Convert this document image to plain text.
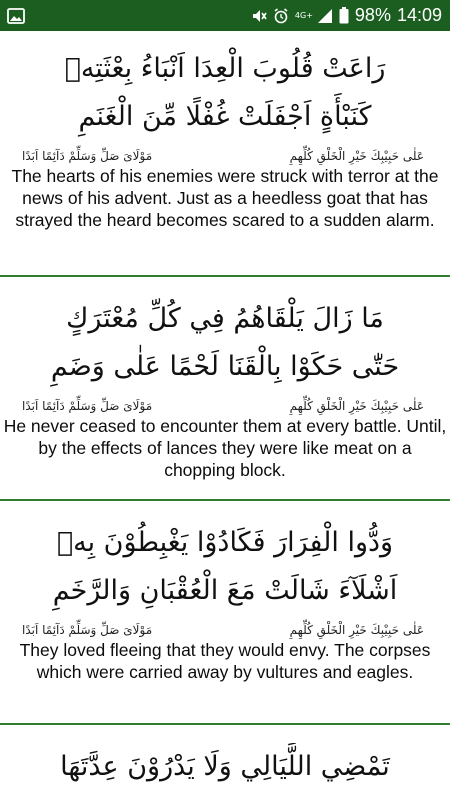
4G+ 98% 14:09
رَاعَتْ قُلُوبَ الْعِدَا اَنْبَاءُ بِعْثَتِهٖ
كَنَبْأَةٍ اَجْفَلَتْ غُفْلًا مِّنَ الْغَنَمِ
مَوْلَایَ صَلِّ وَسَلِّمْ دَآئِمًا اَبَدًا	عَلٰی حَبِیْبِكَ خَیْرِ الْخَلْقِ كُلِّهِمِ
The hearts of his enemies were struck with terror at the news of his advent. Just as a heedless goat that has strayed the heard becomes scared to a sudden alarm.
مَا زَالَ يَلْقَاهُمُ فِي كُلِّ مُعْتَرَكٍ
حَتّٰى حَكَوْا بِالْقَنَا لَحْمًا عَلٰى وَضَمِ
مَوْلَایَ صَلِّ وَسَلِّمْ دَآئِمًا اَبَدًا	عَلٰی حَبِیْبِكَ خَیْرِ الْخَلْقِ كُلِّهِمِ
He never ceased to encounter them at every battle. Until, by the effects of lances they were like meat on a chopping block.
وَدُّوا الْفِرَارَ فَكَادُوْا يَغْبِطُوْنَ بِهٖ
اَشْلَآءَ شَالَتْ مَعَ الْعُقْبَانِ وَالرَّخَمِ
مَوْلَایَ صَلِّ وَسَلِّمْ دَآئِمًا اَبَدًا	عَلٰی حَبِیْبِكَ خَیْرِ الْخَلْقِ كُلِّهِمِ
They loved fleeing that they would envy. The corpses which were carried away by vultures and eagles.
تَمْضِي اللَّيَالِي وَلَا يَدْرُوْنَ عِدَّتَهَا
